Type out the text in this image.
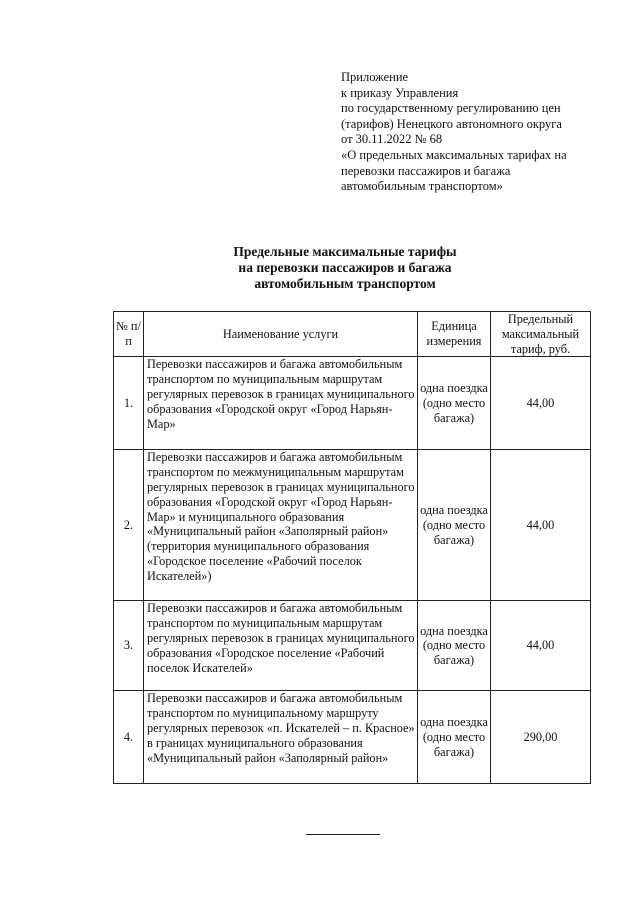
Приложение
к приказу Управления
по государственному регулированию цен
(тарифов) Ненецкого автономного округа
от 30.11.2022 № 68
«О предельных максимальных тарифах на
перевозки пассажиров и багажа
автомобильным транспортом»
Предельные максимальные тарифы
на перевозки пассажиров и багажа
автомобильным транспортом
№ п/п	Наименование услуги	Единица измерения	Предельный максимальный тариф, руб.
1.	Перевозки пассажиров и багажа автомобильным транспортом по муниципальным маршрутам регулярных перевозок в границах муниципального образования «Городской округ «Город Нарьян-Мар»	одна поездка (одно место багажа)	44,00
2.	Перевозки пассажиров и багажа автомобильным транспортом по межмуниципальным маршрутам регулярных перевозок в границах муниципального образования «Городской округ «Город Нарьян-Мар» и муниципального образования «Муниципальный район «Заполярный район» (территория муниципального образования «Городское поселение «Рабочий поселок Искателей»)	одна поездка (одно место багажа)	44,00
3.	Перевозки пассажиров и багажа автомобильным транспортом по муниципальным маршрутам регулярных перевозок в границах муниципального образования «Городское поселение «Рабочий поселок Искателей»	одна поездка (одно место багажа)	44,00
4.	Перевозки пассажиров и багажа автомобильным транспортом по муниципальному маршруту регулярных перевозок «п. Искателей – п. Красное» в границах муниципального образования «Муниципальный район «Заполярный район»	одна поездка (одно место багажа)	290,00
